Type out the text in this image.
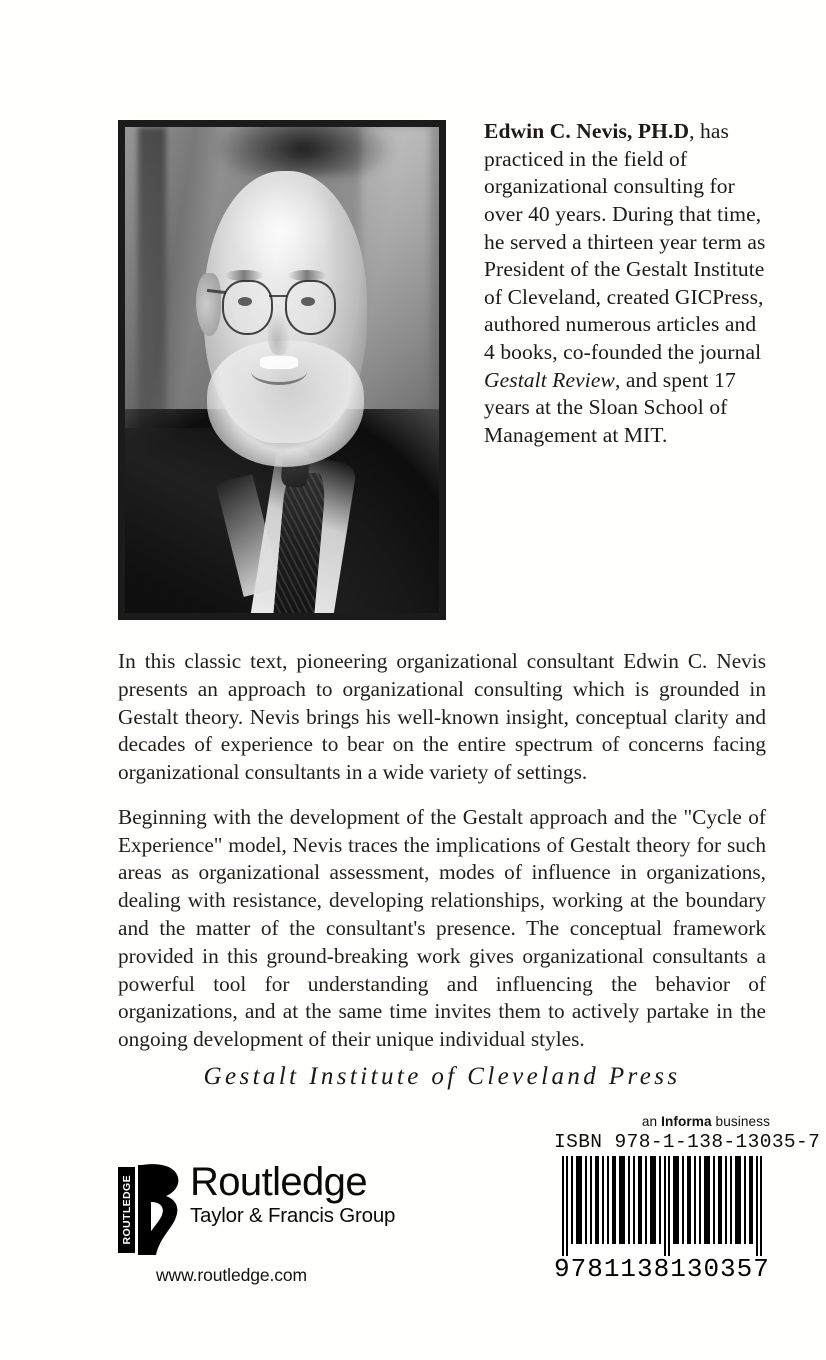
Edwin C. Nevis, PH.D, has practiced in the field of organizational consulting for over 40 years. During that time, he served a thirteen year term as President of the Gestalt Institute of Cleveland, created GICPress, authored numerous articles and 4 books, co-founded the journal Gestalt Review, and spent 17 years at the Sloan School of Management at MIT.

In this classic text, pioneering organizational consultant Edwin C. Nevis presents an approach to organizational consulting which is grounded in Gestalt theory. Nevis brings his well-known insight, conceptual clarity and decades of experience to bear on the entire spectrum of concerns facing organizational consultants in a wide variety of settings.

Beginning with the development of the Gestalt approach and the "Cycle of Experience" model, Nevis traces the implications of Gestalt theory for such areas as organizational assessment, modes of influence in organizations, dealing with resistance, developing relationships, working at the boundary and the matter of the consultant's presence. The conceptual framework provided in this ground-breaking work gives organizational consultants a powerful tool for understanding and influencing the behavior of organizations, and at the same time invites them to actively partake in the ongoing development of their unique individual styles.

Gestalt Institute of Cleveland Press
ROUTLEDGE Routledge
Taylor & Francis Group
www.routledge.com
an Informa business
ISBN 978-1-138-13035-7
9 781138 130357
